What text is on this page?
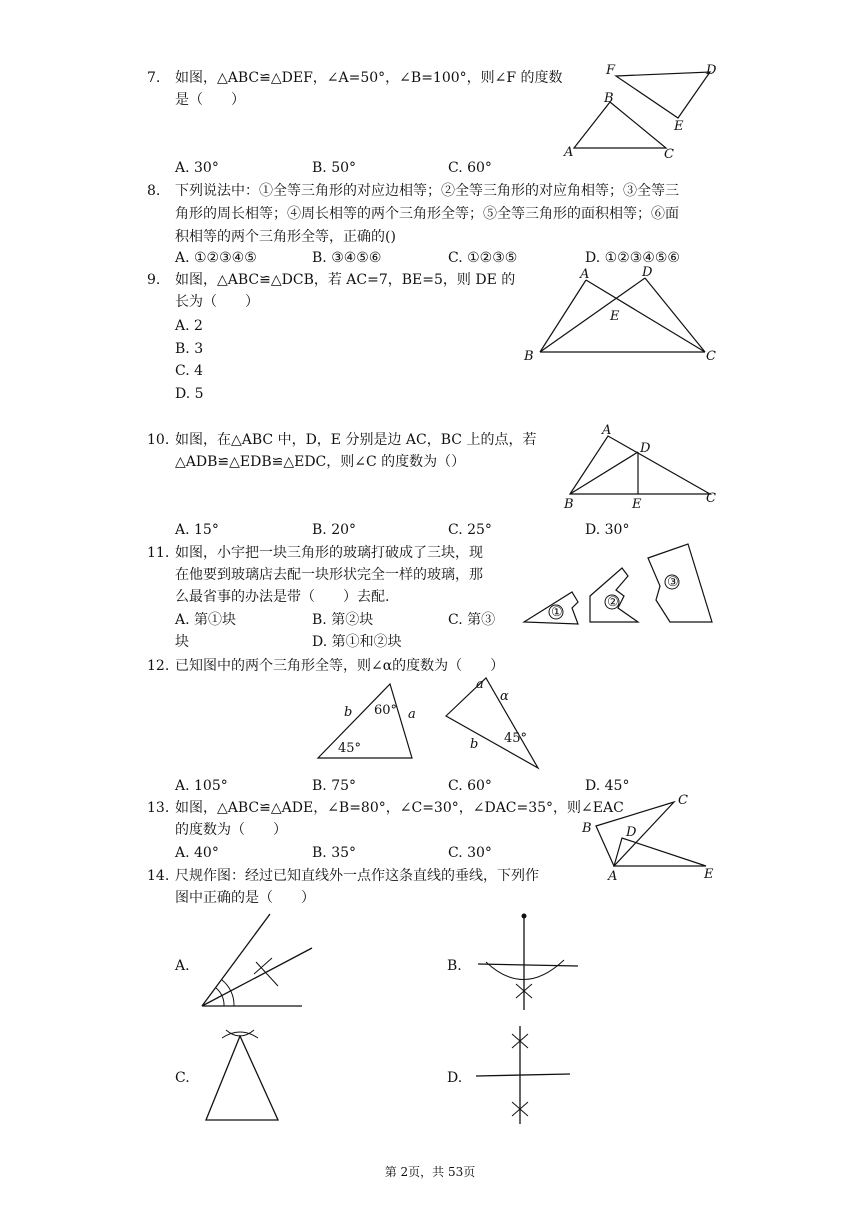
7. 如图，△ABC≌△DEF，∠A=50°，∠B=100°，则∠F 的度数
是（　　）
F	D
B
E
A	C
A. 30°	B. 50°	C. 60°
8. 下列说法中：①全等三角形的对应边相等；②全等三角形的对应角相等；③全等三
角形的周长相等；④周长相等的两个三角形全等；⑤全等三角形的面积相等；⑥面
积相等的两个三角形全等，正确的()
A. ①②③④⑤	B. ③④⑤⑥	C. ①②③⑤	D. ①②③④⑤⑥
9. 如图，△ABC≌△DCB，若 AC=7，BE=5，则 DE 的
长为（　　）
A. 2
B. 3
C. 4
D. 5
A	D
E
B	C
10. 如图，在△ABC 中，D，E 分别是边 AC，BC 上的点，若
△ADB≌△EDB≌△EDC，则∠C 的度数为（）
A
D
B	E	C
A. 15°	B. 20°	C. 25°	D. 30°
11. 如图，小宇把一块三角形的玻璃打破成了三块，现
在他要到玻璃店去配一块形状完全一样的玻璃，那
么最省事的办法是带（　　）去配.
A. 第①块	B. 第②块	C. 第③
块	D. 第①和②块
①
②
③
12. 已知图中的两个三角形全等，则∠α的度数为（　　）
b 60° a
45°
a
α
b 45°
A. 105°	B. 75°	C. 60°	D. 45°
13. 如图，△ABC≌△ADE，∠B=80°，∠C=30°，∠DAC=35°，则∠EAC
的度数为（　　）
A. 40°	B. 35°	C. 30°
C
B	D
A	E
14. 尺规作图：经过已知直线外一点作这条直线的垂线，下列作
图中正确的是（　　）
A.	B.
C.	D.
第 2页，共 53页
